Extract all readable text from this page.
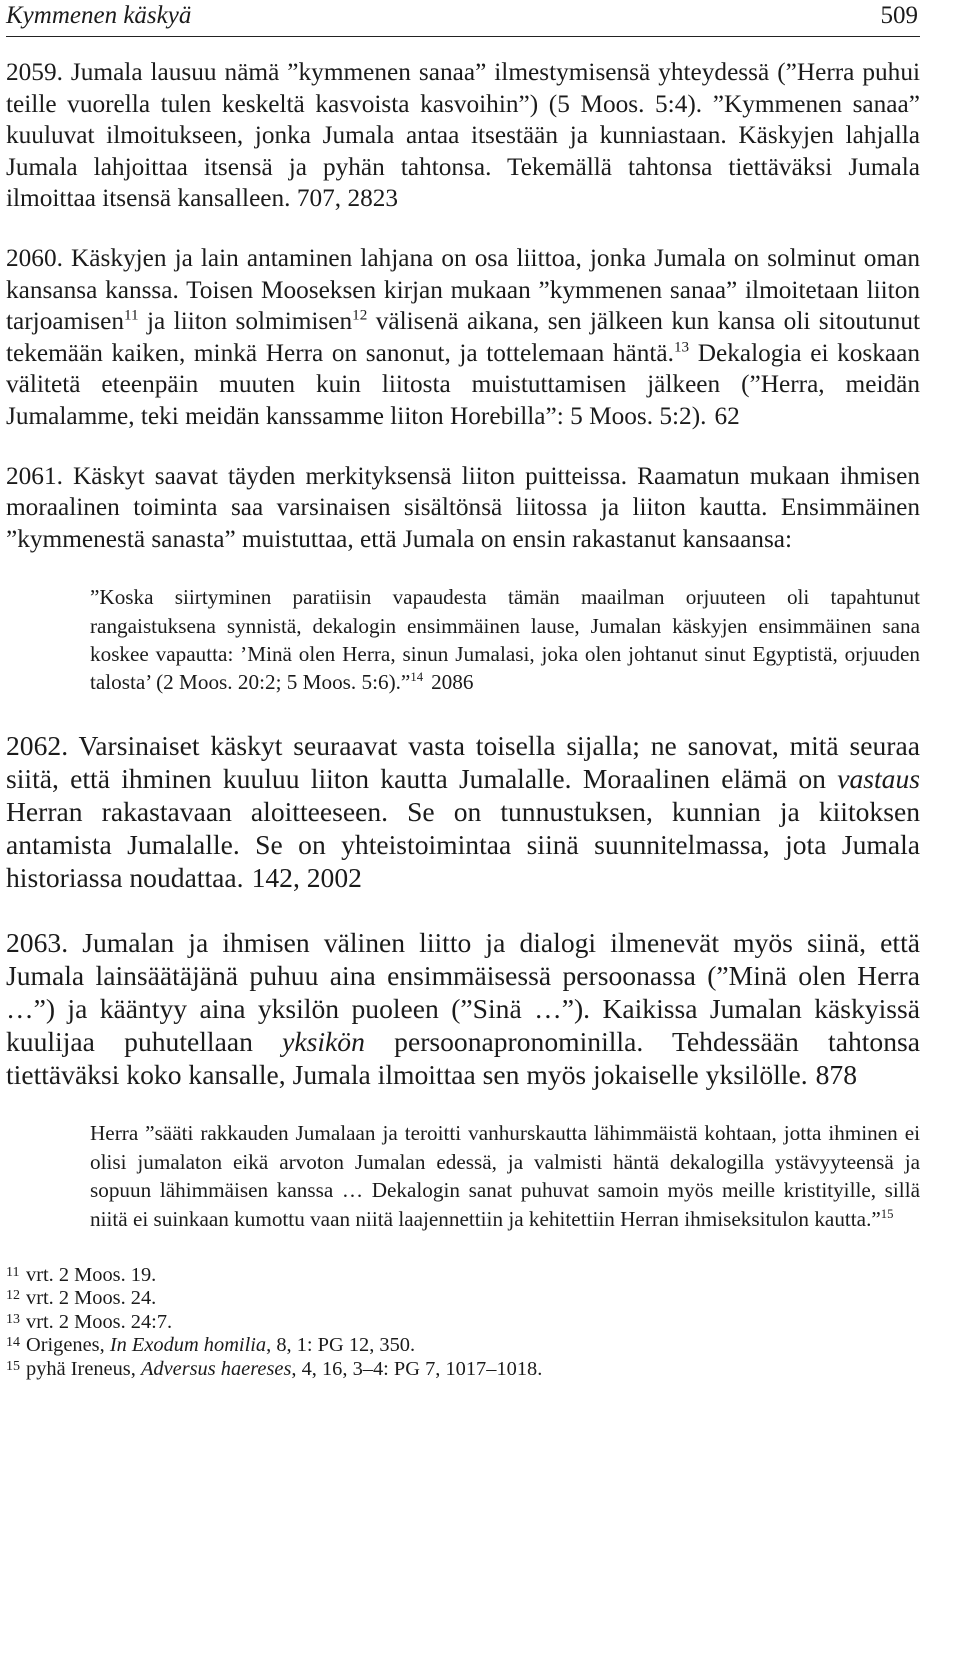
Kymmenen käskyä	509

2059. Jumala lausuu nämä ”kymmenen sanaa” ilmestymisensä yhteydessä (”Herra puhui teille vuorella tulen keskeltä kasvoista kasvoihin”) (5 Moos. 5:4). ”Kymmenen sanaa” kuuluvat ilmoitukseen, jonka Jumala antaa itsestään ja kunniastaan. Käskyjen lahjalla Jumala lahjoittaa itsensä ja pyhän tahtonsa. Tekemällä tahtonsa tiettäväksi Jumala ilmoittaa itsensä kansalleen. 707, 2823

2060. Käskyjen ja lain antaminen lahjana on osa liittoa, jonka Jumala on solminut oman kansansa kanssa. Toisen Mooseksen kirjan mukaan ”kymmenen sanaa” ilmoitetaan liiton tarjoamisen$^{11}$ ja liiton solmimisen$^{12}$ välisenä aikana, sen jälkeen kun kansa oli sitoutunut tekemään kaiken, minkä Herra on sanonut, ja tottelemaan häntä.$^{13}$ Dekalogia ei koskaan välitetä eteenpäin muuten kuin liitosta muistuttamisen jälkeen (”Herra, meidän Jumalamme, teki meidän kanssamme liiton Horebilla”: 5 Moos. 5:2). 62

2061. Käskyt saavat täyden merkityksensä liiton puitteissa. Raamatun mukaan ihmisen moraalinen toiminta saa varsinaisen sisältönsä liitossa ja liiton kautta. Ensimmäinen ”kymmenestä sanasta” muistuttaa, että Jumala on ensin rakastanut kansaansa:

”Koska siirtyminen paratiisin vapaudesta tämän maailman orjuuteen oli tapahtunut rangaistuksena synnistä, dekalogin ensimmäinen lause, Jumalan käskyjen ensimmäinen sana koskee vapautta: ’Minä olen Herra, sinun Jumalasi, joka olen johtanut sinut Egyptistä, orjuuden talosta’ (2 Moos. 20:2; 5 Moos. 5:6).”$^{14}$ 2086

2062. Varsinaiset käskyt seuraavat vasta toisella sijalla; ne sanovat, mitä seuraa siitä, että ihminen kuuluu liiton kautta Jumalalle. Moraalinen elämä on vastaus Herran rakastavaan aloitteeseen. Se on tunnustuksen, kunnian ja kiitoksen antamista Jumalalle. Se on yhteistoimintaa siinä suunnitelmassa, jota Jumala historiassa noudattaa. 142, 2002

2063. Jumalan ja ihmisen välinen liitto ja dialogi ilmenevät myös siinä, että Jumala lainsäätäjänä puhuu aina ensimmäisessä persoonassa (”Minä olen Herra …”) ja kääntyy aina yksilön puoleen (”Sinä …”). Kaikissa Jumalan käskyissä kuulijaa puhutellaan yksikön persoonapronominilla. Tehdessään tahtonsa tiettäväksi koko kansalle, Jumala ilmoittaa sen myös jokaiselle yksilölle. 878

Herra ”sääti rakkauden Jumalaan ja teroitti vanhurskautta lähimmäistä kohtaan, jotta ihminen ei olisi jumalaton eikä arvoton Jumalan edessä, ja valmisti häntä dekalogilla ystävyyteensä ja sopuun lähimmäisen kanssa … Dekalogin sanat puhuvat samoin myös meille kristityille, sillä niitä ei suinkaan kumottu vaan niitä laajennettiin ja kehitettiin Herran ihmiseksitulon kautta.”$^{15}$

11 vrt. 2 Moos. 19.
12 vrt. 2 Moos. 24.
13 vrt. 2 Moos. 24:7.
14 Origenes, In Exodum homilia, 8, 1: PG 12, 350.
15 pyhä Ireneus, Adversus haereses, 4, 16, 3–4: PG 7, 1017–1018.
